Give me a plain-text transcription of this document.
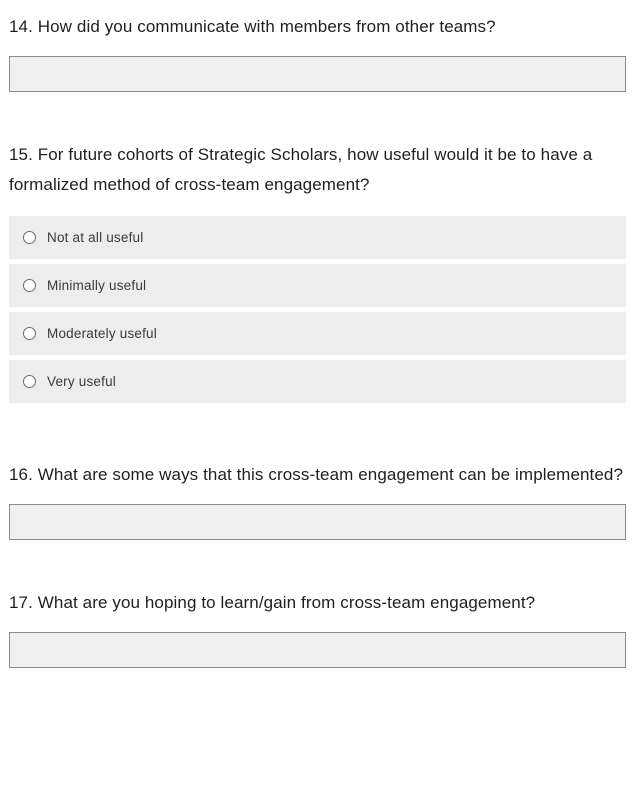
14. How did you communicate with members from other teams?

15. For future cohorts of Strategic Scholars, how useful would it be to have a formalized method of cross-team engagement?

Not at all useful
Minimally useful
Moderately useful
Very useful

16. What are some ways that this cross-team engagement can be implemented?

17. What are you hoping to learn/gain from cross-team engagement?
